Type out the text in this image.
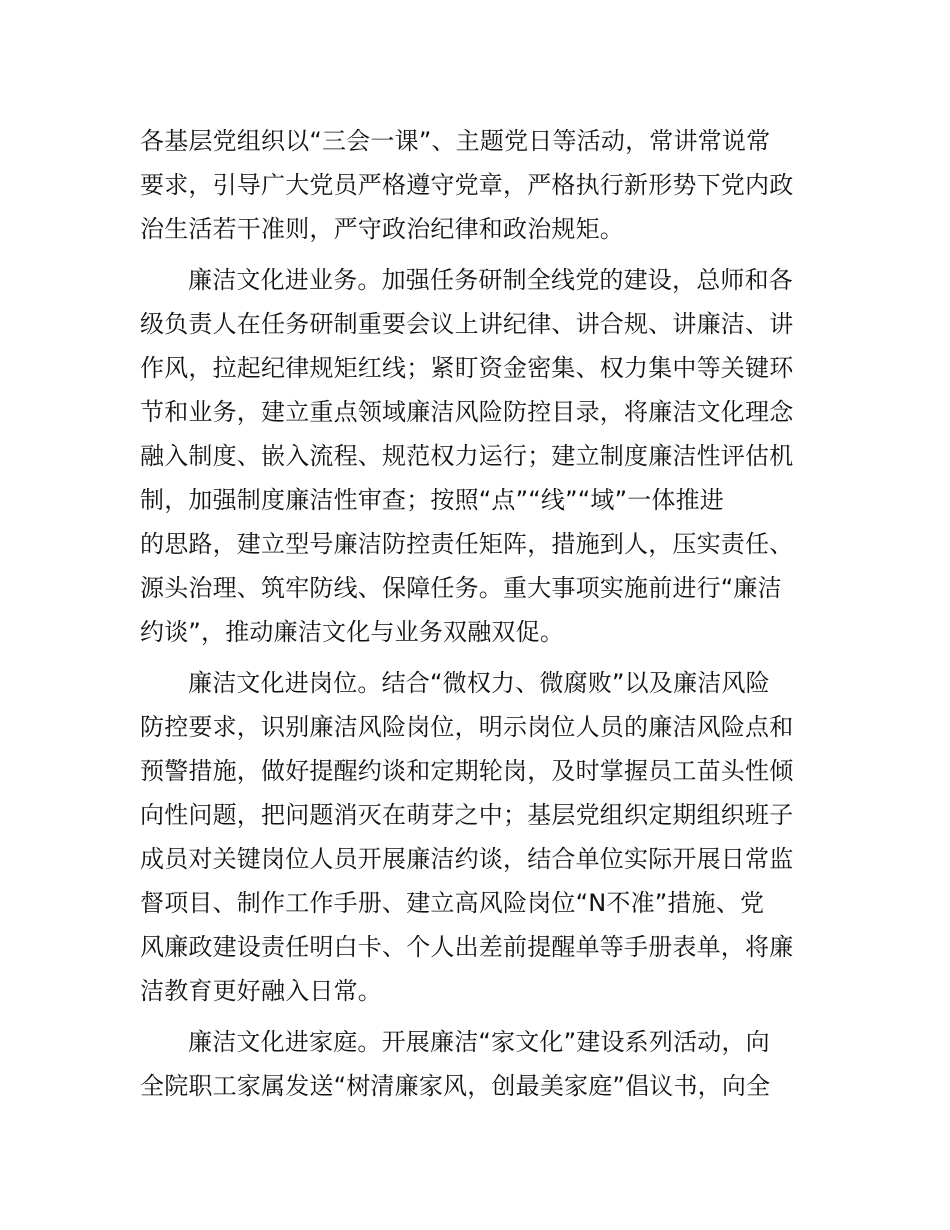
各基层党组织以“三会一课”、主题党日等活动，常讲常说常
要求，引导广大党员严格遵守党章，严格执行新形势下党内政
治生活若干准则，严守政治纪律和政治规矩。
廉洁文化进业务。加强任务研制全线党的建设，总师和各
级负责人在任务研制重要会议上讲纪律、讲合规、讲廉洁、讲
作风，拉起纪律规矩红线；紧盯资金密集、权力集中等关键环
节和业务，建立重点领域廉洁风险防控目录，将廉洁文化理念
融入制度、嵌入流程、规范权力运行；建立制度廉洁性评估机
制，加强制度廉洁性审查；按照“点”“线”“域”一体推进
的思路，建立型号廉洁防控责任矩阵，措施到人，压实责任、
源头治理、筑牢防线、保障任务。重大事项实施前进行“廉洁
约谈”，推动廉洁文化与业务双融双促。
廉洁文化进岗位。结合“微权力、微腐败”以及廉洁风险
防控要求，识别廉洁风险岗位，明示岗位人员的廉洁风险点和
预警措施，做好提醒约谈和定期轮岗，及时掌握员工苗头性倾
向性问题，把问题消灭在萌芽之中；基层党组织定期组织班子
成员对关键岗位人员开展廉洁约谈，结合单位实际开展日常监
督项目、制作工作手册、建立高风险岗位“N不准”措施、党
风廉政建设责任明白卡、个人出差前提醒单等手册表单，将廉
洁教育更好融入日常。
廉洁文化进家庭。开展廉洁“家文化”建设系列活动，向
全院职工家属发送“树清廉家风，创最美家庭”倡议书，向全
